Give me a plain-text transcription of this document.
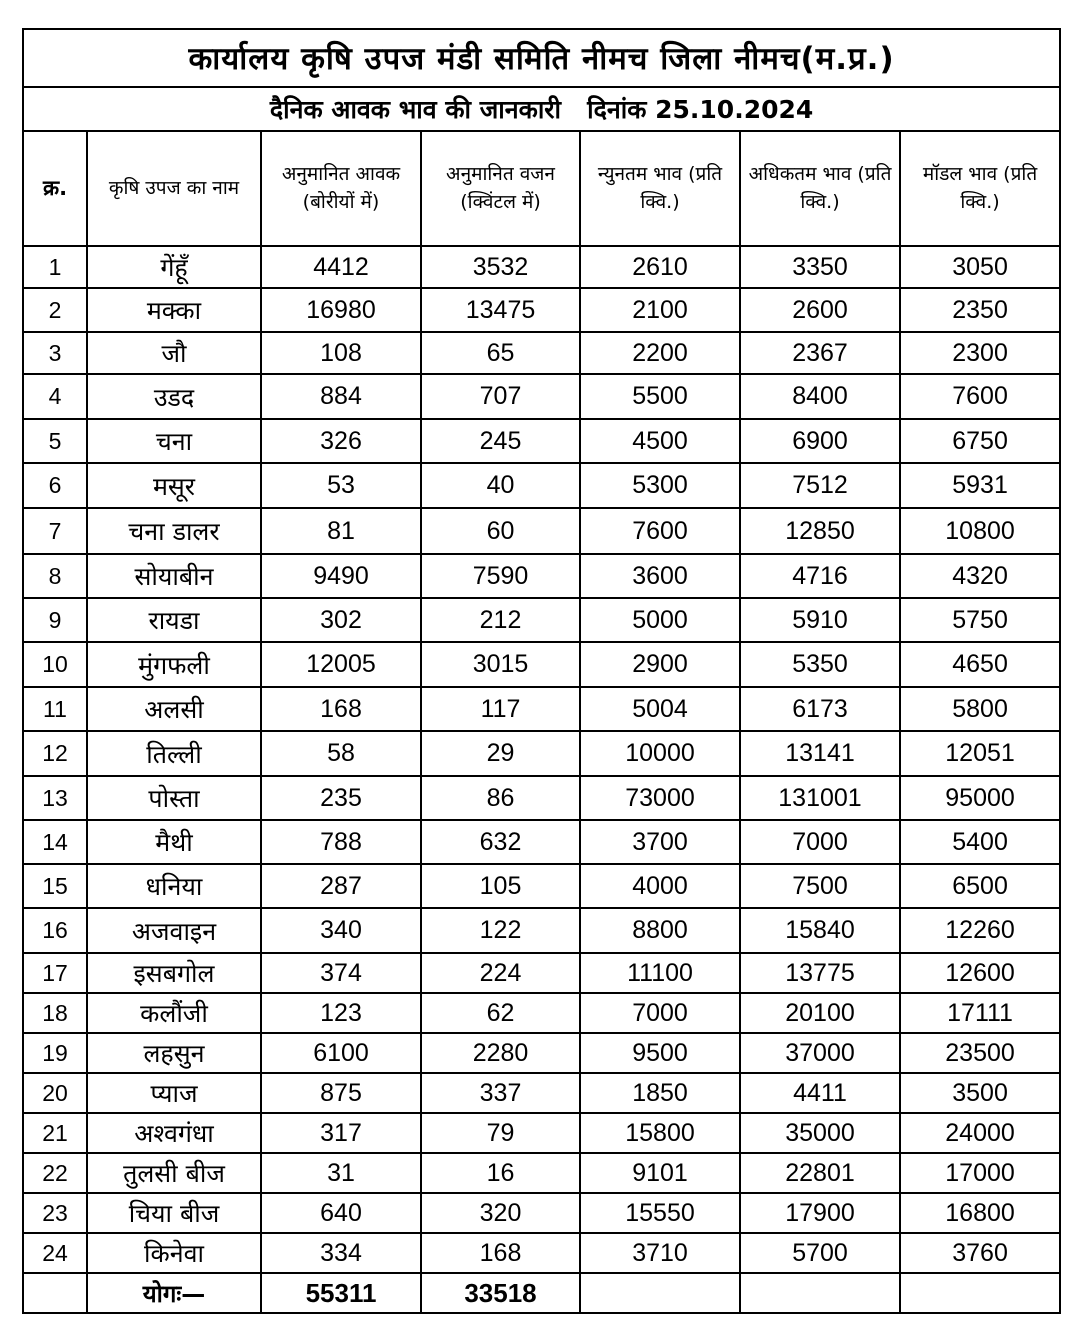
कार्यालय कृषि उपज मंडी समिति नीमच जिला नीमच(म.प्र.)						
दैनिक आवक भाव की जानकारी   दिनांक 25.10.2024						
क्र.	कृषि उपज का नाम	अनुमानित आवक (बोरीयों में)	अनुमानित वजन (क्विंटल में)	न्युनतम भाव (प्रति क्वि.)	अधिकतम भाव (प्रति क्वि.)	मॉडल भाव (प्रति क्वि.)
1	गेंहूँ	4412	3532	2610	3350	3050
2	मक्का	16980	13475	2100	2600	2350
3	जौ	108	65	2200	2367	2300
4	उडद	884	707	5500	8400	7600
5	चना	326	245	4500	6900	6750
6	मसूर	53	40	5300	7512	5931
7	चना डालर	81	60	7600	12850	10800
8	सोयाबीन	9490	7590	3600	4716	4320
9	रायडा	302	212	5000	5910	5750
10	मुंगफली	12005	3015	2900	5350	4650
11	अलसी	168	117	5004	6173	5800
12	तिल्ली	58	29	10000	13141	12051
13	पोस्ता	235	86	73000	131001	95000
14	मैथी	788	632	3700	7000	5400
15	धनिया	287	105	4000	7500	6500
16	अजवाइन	340	122	8800	15840	12260
17	इसबगोल	374	224	11100	13775	12600
18	कलौंजी	123	62	7000	20100	17111
19	लहसुन	6100	2280	9500	37000	23500
20	प्याज	875	337	1850	4411	3500
21	अश्वगंधा	317	79	15800	35000	24000
22	तुलसी बीज	31	16	9101	22801	17000
23	चिया बीज	640	320	15550	17900	16800
24	किनेवा	334	168	3710	5700	3760
	योगः—	55311	33518			
